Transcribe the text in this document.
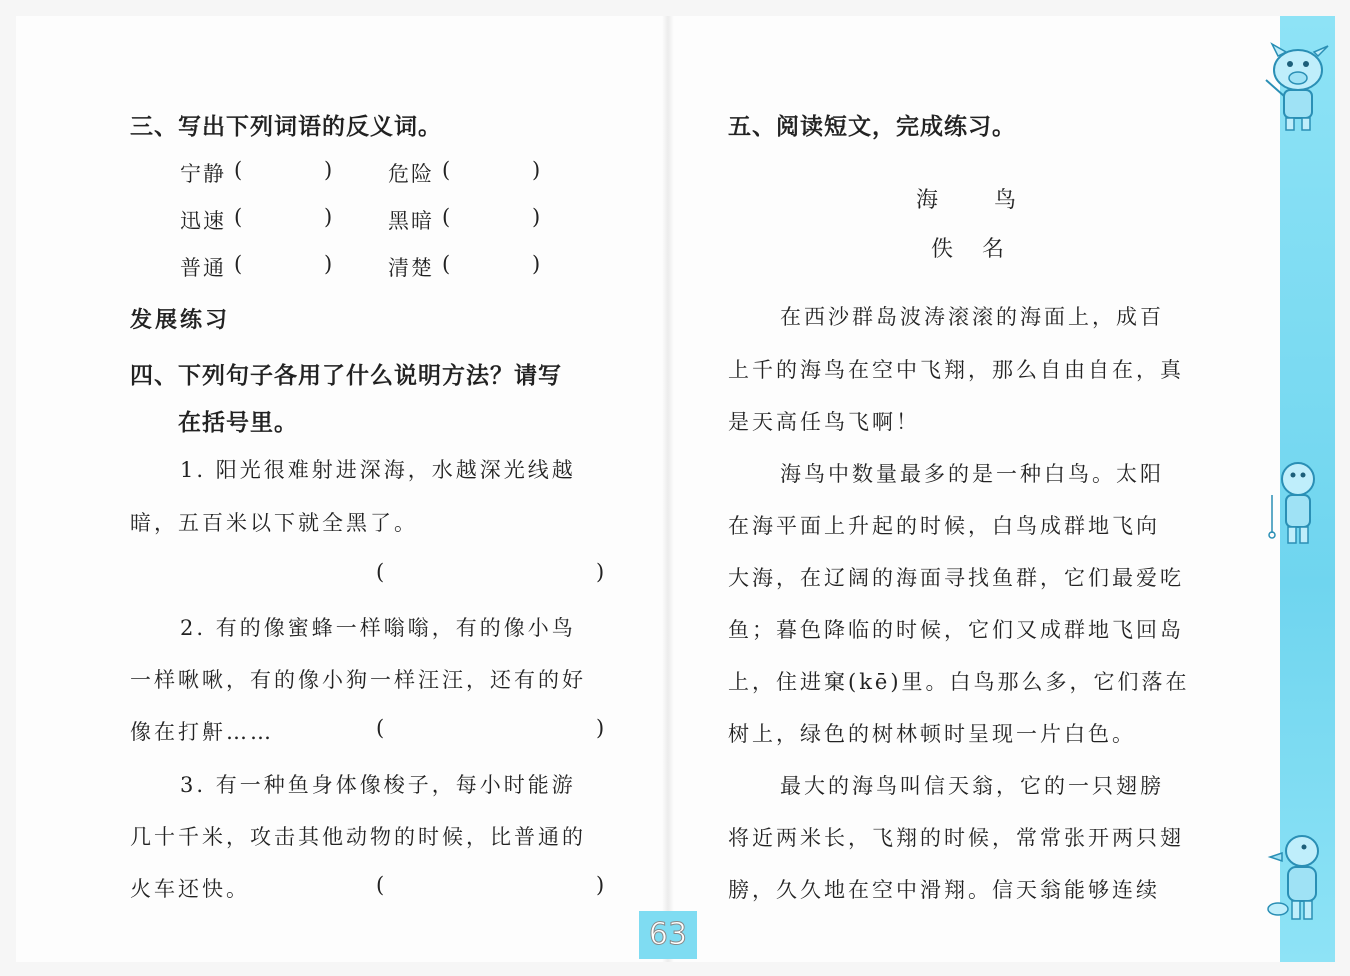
三、写出下列词语的反义词。
宁静 (	)	危险 (	)
迅速 (	)	黑暗 (	)
普通 (	)	清楚 (	)
发展练习
四、下列句子各用了什么说明方法？请写
在括号里。
1. 阳光很难射进深海，水越深光线越
暗，五百米以下就全黑了。
(	)
2. 有的像蜜蜂一样嗡嗡，有的像小鸟
一样啾啾，有的像小狗一样汪汪，还有的好
像在打鼾……	(	)
3. 有一种鱼身体像梭子，每小时能游
几十千米，攻击其他动物的时候，比普通的
火车还快。	(	)
五、阅读短文，完成练习。
海 鸟
佚 名
在西沙群岛波涛滚滚的海面上，成百
上千的海鸟在空中飞翔，那么自由自在，真
是天高任鸟飞啊！
海鸟中数量最多的是一种白鸟。太阳
在海平面上升起的时候，白鸟成群地飞向
大海，在辽阔的海面寻找鱼群，它们最爱吃
鱼；暮色降临的时候，它们又成群地飞回岛
上，住进窠(kē)里。白鸟那么多，它们落在
树上，绿色的树林顿时呈现一片白色。
最大的海鸟叫信天翁，它的一只翅膀
将近两米长，飞翔的时候，常常张开两只翅
膀，久久地在空中滑翔。信天翁能够连续
63
